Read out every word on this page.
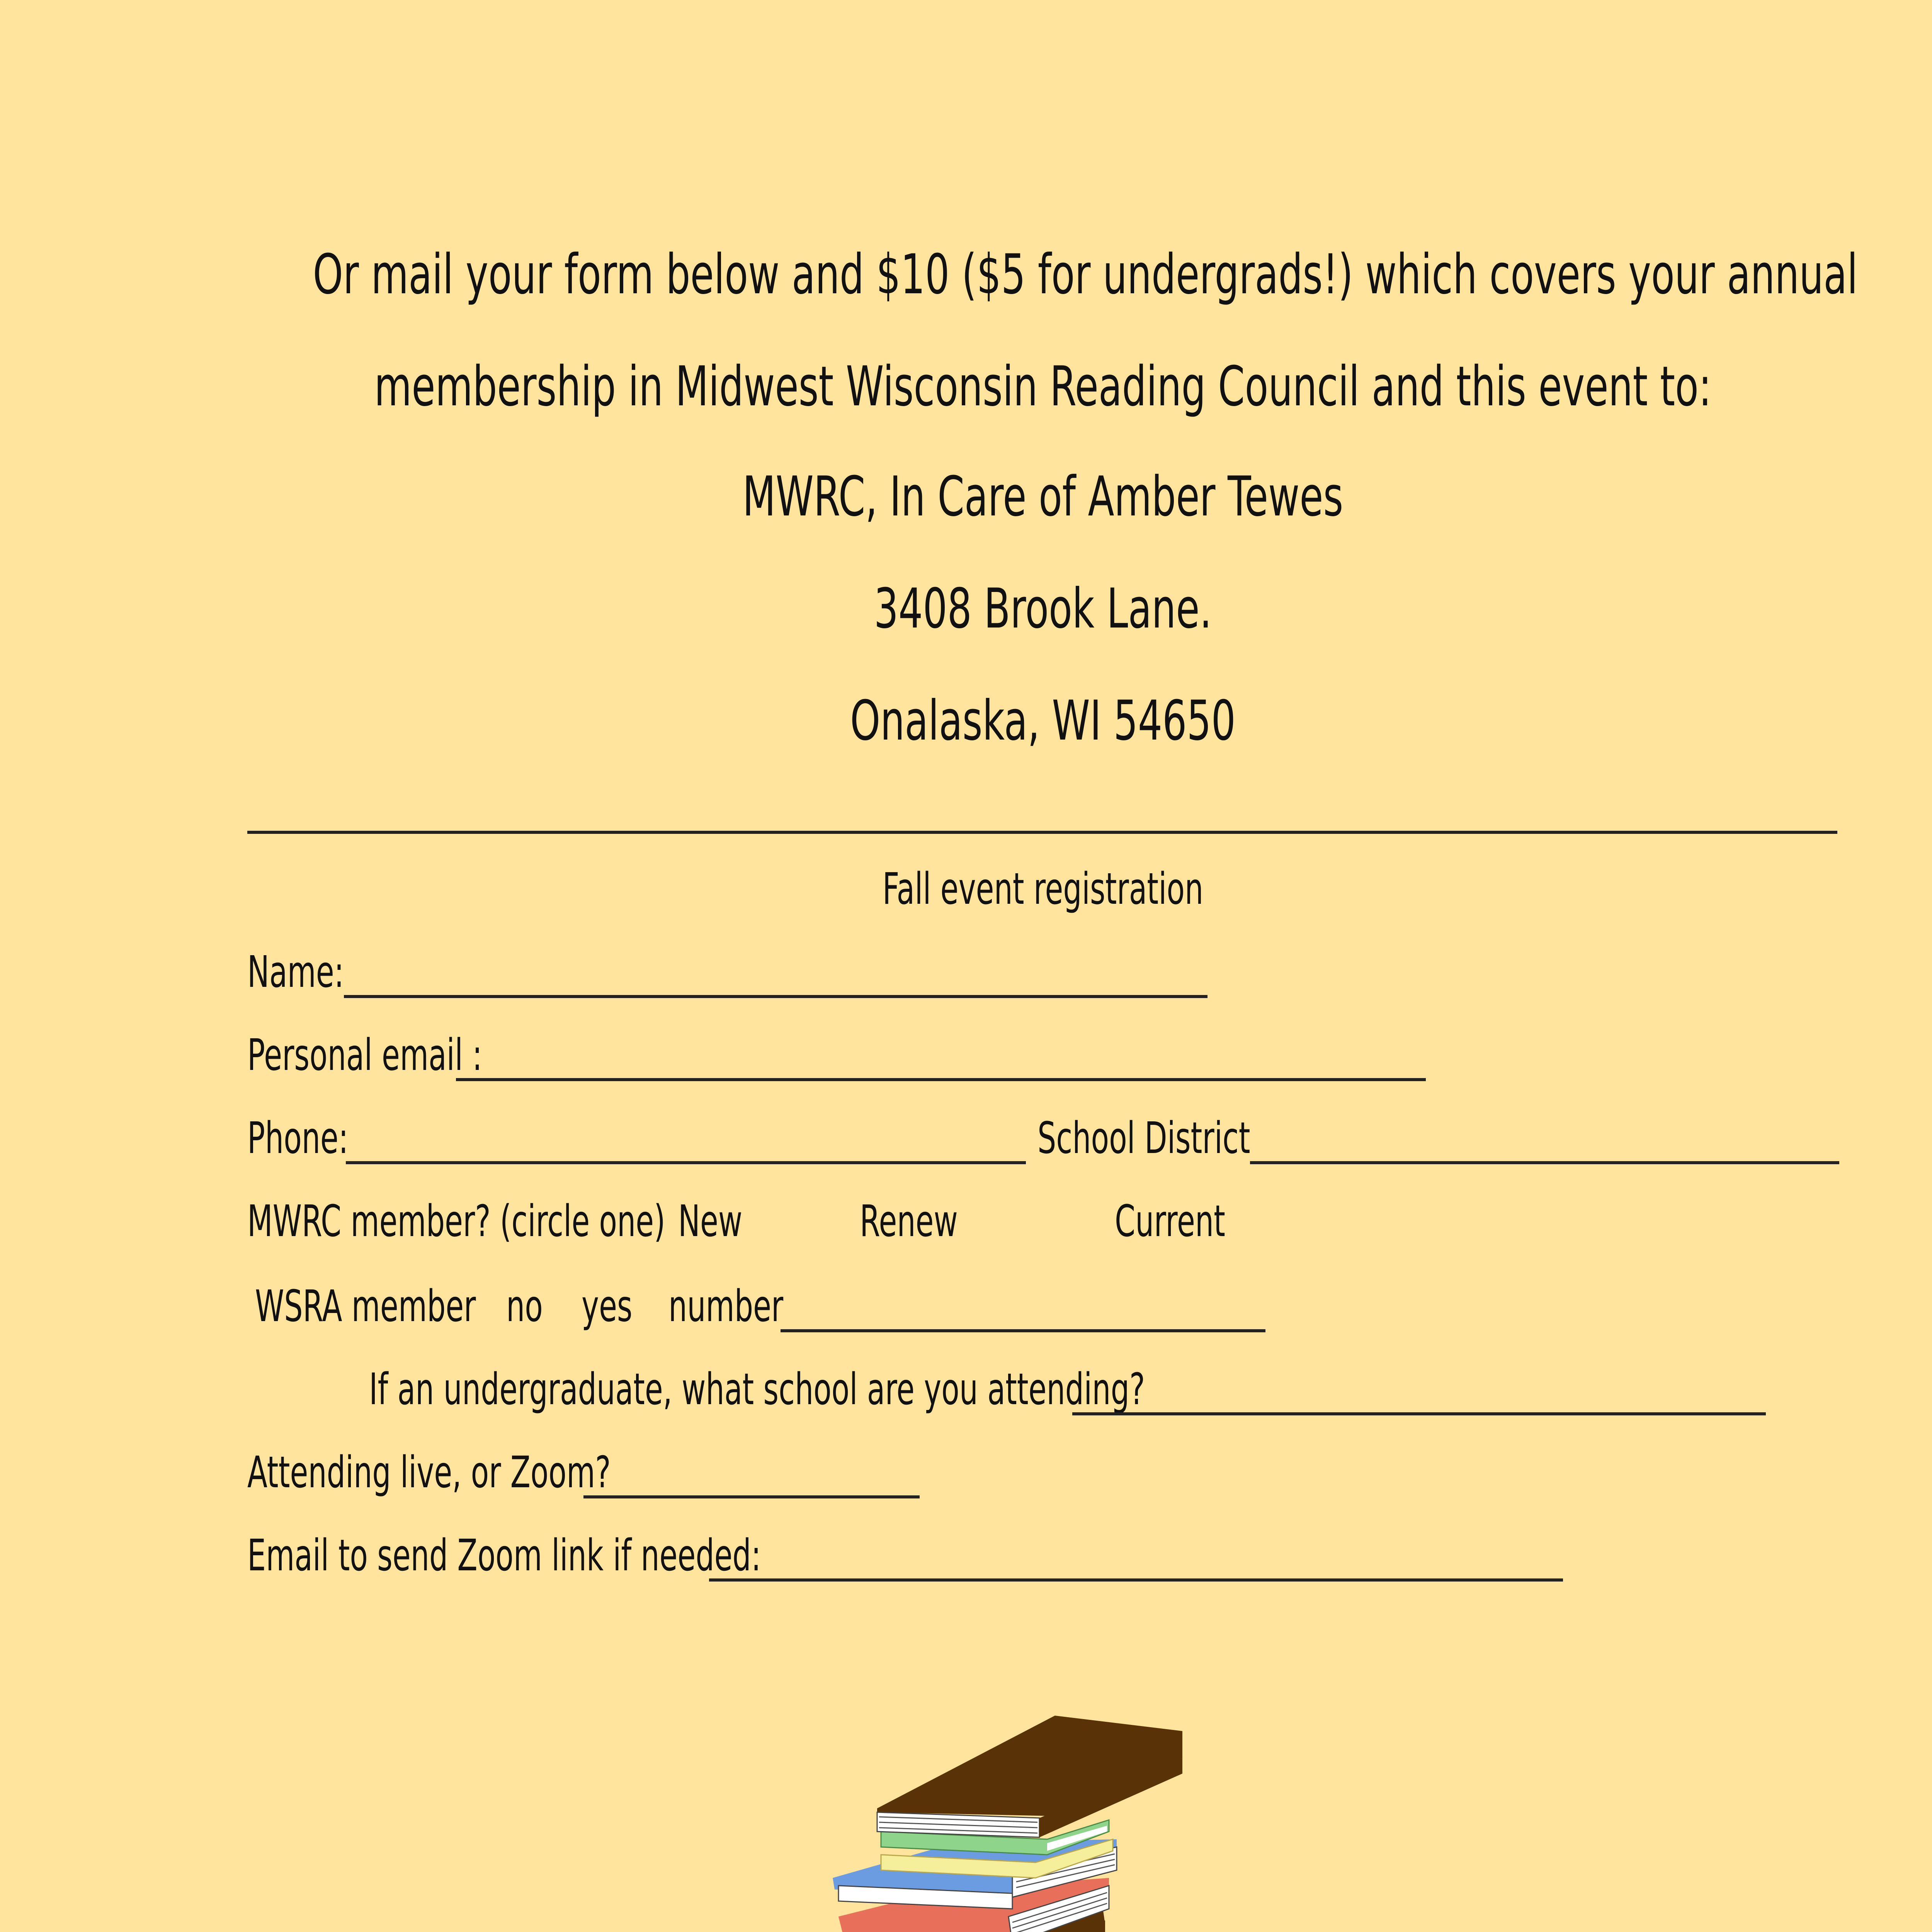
Or mail your form below and $10 ($5 for undergrads!) which covers your annual
membership in Midwest Wisconsin Reading Council and this event to:
MWRC, In Care of Amber Tewes
3408 Brook Lane.
Onalaska, WI 54650
Fall event registration
Name:
Personal email :
Phone:	School District
MWRC member? (circle one) New	Renew	Current
WSRA member no yes number
If an undergraduate, what school are you attending?
Attending live, or Zoom?
Email to send Zoom link if needed:
